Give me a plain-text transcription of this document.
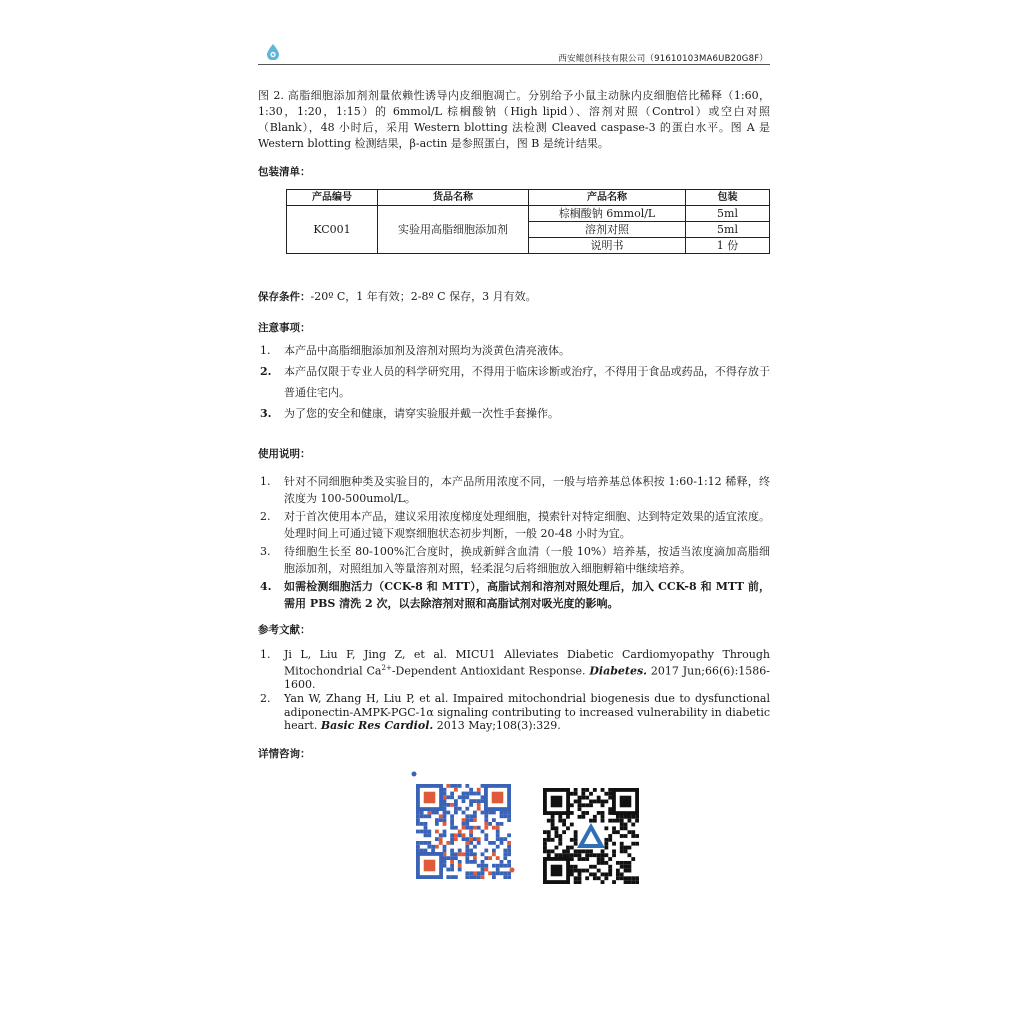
西安鲲创科技有限公司（91610103MA6UB20G8F）
图 2. 高脂细胞添加剂剂量依赖性诱导内皮细胞凋亡。分别给予小鼠主动脉内皮细胞倍比稀释（1:60，1:30，1:20，1:15）的 6mmol/L 棕榈酸钠（High lipid）、溶剂对照（Control）或空白对照（Blank），48 小时后，采用 Western blotting 法检测 Cleaved caspase-3 的蛋白水平。图 A 是 Western blotting 检测结果，β-actin 是参照蛋白，图 B 是统计结果。
包装清单：
产品编号	货品名称	产品名称	包装
KC001	实验用高脂细胞添加剂	棕榈酸钠 6mmol/L	5ml
		溶剂对照	5ml
		说明书	1 份
保存条件：-20º C，1 年有效；2-8º C 保存，3 月有效。
注意事项：
1. 本产品中高脂细胞添加剂及溶剂对照均为淡黄色清亮液体。
2. 本产品仅限于专业人员的科学研究用，不得用于临床诊断或治疗，不得用于食品或药品，不得存放于普通住宅内。
3. 为了您的安全和健康，请穿实验服并戴一次性手套操作。
使用说明：
1. 针对不同细胞种类及实验目的，本产品所用浓度不同，一般与培养基总体积按 1:60-1:12 稀释，终浓度为 100-500umol/L。
2. 对于首次使用本产品，建议采用浓度梯度处理细胞，摸索针对特定细胞、达到特定效果的适宜浓度。处理时间上可通过镜下观察细胞状态初步判断，一般 20-48 小时为宜。
3. 待细胞生长至 80-100%汇合度时，换成新鲜含血清（一般 10%）培养基，按适当浓度滴加高脂细胞添加剂，对照组加入等量溶剂对照，轻柔混匀后将细胞放入细胞孵箱中继续培养。
4. 如需检测细胞活力（CCK-8 和 MTT），高脂试剂和溶剂对照处理后，加入 CCK-8 和 MTT 前，需用 PBS 清洗 2 次，以去除溶剂对照和高脂试剂对吸光度的影响。
参考文献：
1. Ji L, Liu F, Jing Z, et al. MICU1 Alleviates Diabetic Cardiomyopathy Through Mitochondrial $Ca^{2+}$-Dependent Antioxidant Response. Diabetes. 2017 Jun;66(6):1586-1600.
2. Yan W, Zhang H, Liu P, et al. Impaired mitochondrial biogenesis due to dysfunctional adiponectin-AMPK-PGC-1α signaling contributing to increased vulnerability in diabetic heart. Basic Res Cardiol. 2013 May;108(3):329.
详情咨询：
